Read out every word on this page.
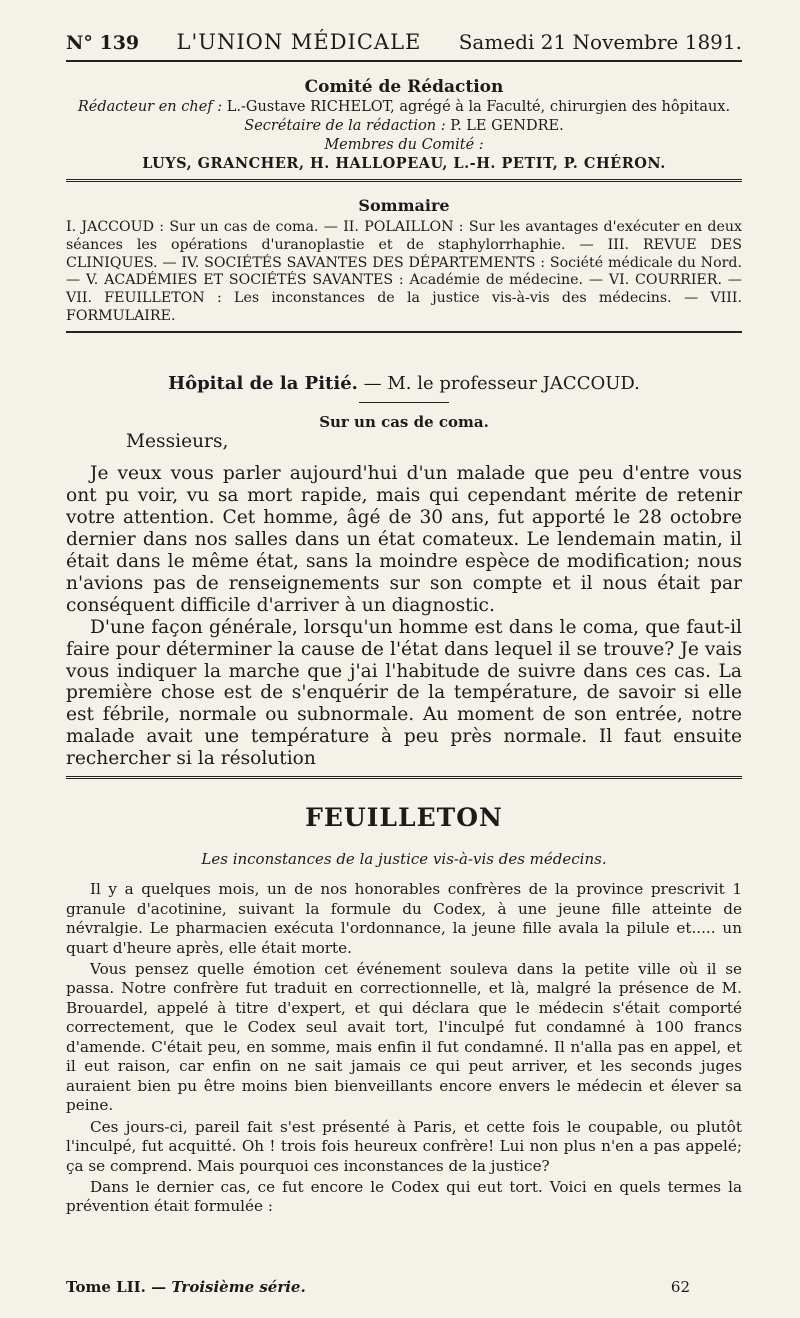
N° 139 L'UNION MÉDICALE Samedi 21 Novembre 1891.
Comité de Rédaction
Rédacteur en chef : L.-Gustave RICHELOT, agrégé à la Faculté, chirurgien des hôpitaux.
Secrétaire de la rédaction : P. LE GENDRE.
Membres du Comité :
LUYS, GRANCHER, H. HALLOPEAU, L.-H. PETIT, P. CHÉRON.
Sommaire
I. JACCOUD : Sur un cas de coma. — II. POLAILLON : Sur les avantages d'exécuter en deux séances les opérations d'uranoplastie et de staphylorrhaphie. — III. REVUE DES CLINIQUES. — IV. SOCIÉTÉS SAVANTES DES DÉPARTEMENTS : Société médicale du Nord. — V. ACADÉMIES ET SOCIÉTÉS SAVANTES : Académie de médecine. — VI. COURRIER. — VII. FEUILLETON : Les inconstances de la justice vis-à-vis des médecins. — VIII. FORMULAIRE.
Hôpital de la Pitié. — M. le professeur JACCOUD.
Sur un cas de coma.

Messieurs,

Je veux vous parler aujourd'hui d'un malade que peu d'entre vous ont pu voir, vu sa mort rapide, mais qui cependant mérite de retenir votre attention. Cet homme, âgé de 30 ans, fut apporté le 28 octobre dernier dans nos salles dans un état comateux. Le lendemain matin, il était dans le même état, sans la moindre espèce de modification; nous n'avions pas de renseignements sur son compte et il nous était par conséquent difficile d'arriver à un diagnostic.

D'une façon générale, lorsqu'un homme est dans le coma, que faut-il faire pour déterminer la cause de l'état dans lequel il se trouve? Je vais vous indiquer la marche que j'ai l'habitude de suivre dans ces cas. La première chose est de s'enquérir de la température, de savoir si elle est fébrile, normale ou subnormale. Au moment de son entrée, notre malade avait une température à peu près normale. Il faut ensuite rechercher si la résolution

FEUILLETON
Les inconstances de la justice vis-à-vis des médecins.

Il y a quelques mois, un de nos honorables confrères de la province prescrivit 1 granule d'acotinine, suivant la formule du Codex, à une jeune fille atteinte de névralgie. Le pharmacien exécuta l'ordonnance, la jeune fille avala la pilule et..... un quart d'heure après, elle était morte.

Vous pensez quelle émotion cet événement souleva dans la petite ville où il se passa. Notre confrère fut traduit en correctionnelle, et là, malgré la présence de M. Brouardel, appelé à titre d'expert, et qui déclara que le médecin s'était comporté correctement, que le Codex seul avait tort, l'inculpé fut condamné à 100 francs d'amende. C'était peu, en somme, mais enfin il fut condamné. Il n'alla pas en appel, et il eut raison, car enfin on ne sait jamais ce qui peut arriver, et les seconds juges auraient bien pu être moins bien bienveillants encore envers le médecin et élever sa peine.

Ces jours-ci, pareil fait s'est présenté à Paris, et cette fois le coupable, ou plutôt l'inculpé, fut acquitté. Oh ! trois fois heureux confrère! Lui non plus n'en a pas appelé; ça se comprend. Mais pourquoi ces inconstances de la justice?

Dans le dernier cas, ce fut encore le Codex qui eut tort. Voici en quels termes la prévention était formulée :

Tome LII. — Troisième série.	62
